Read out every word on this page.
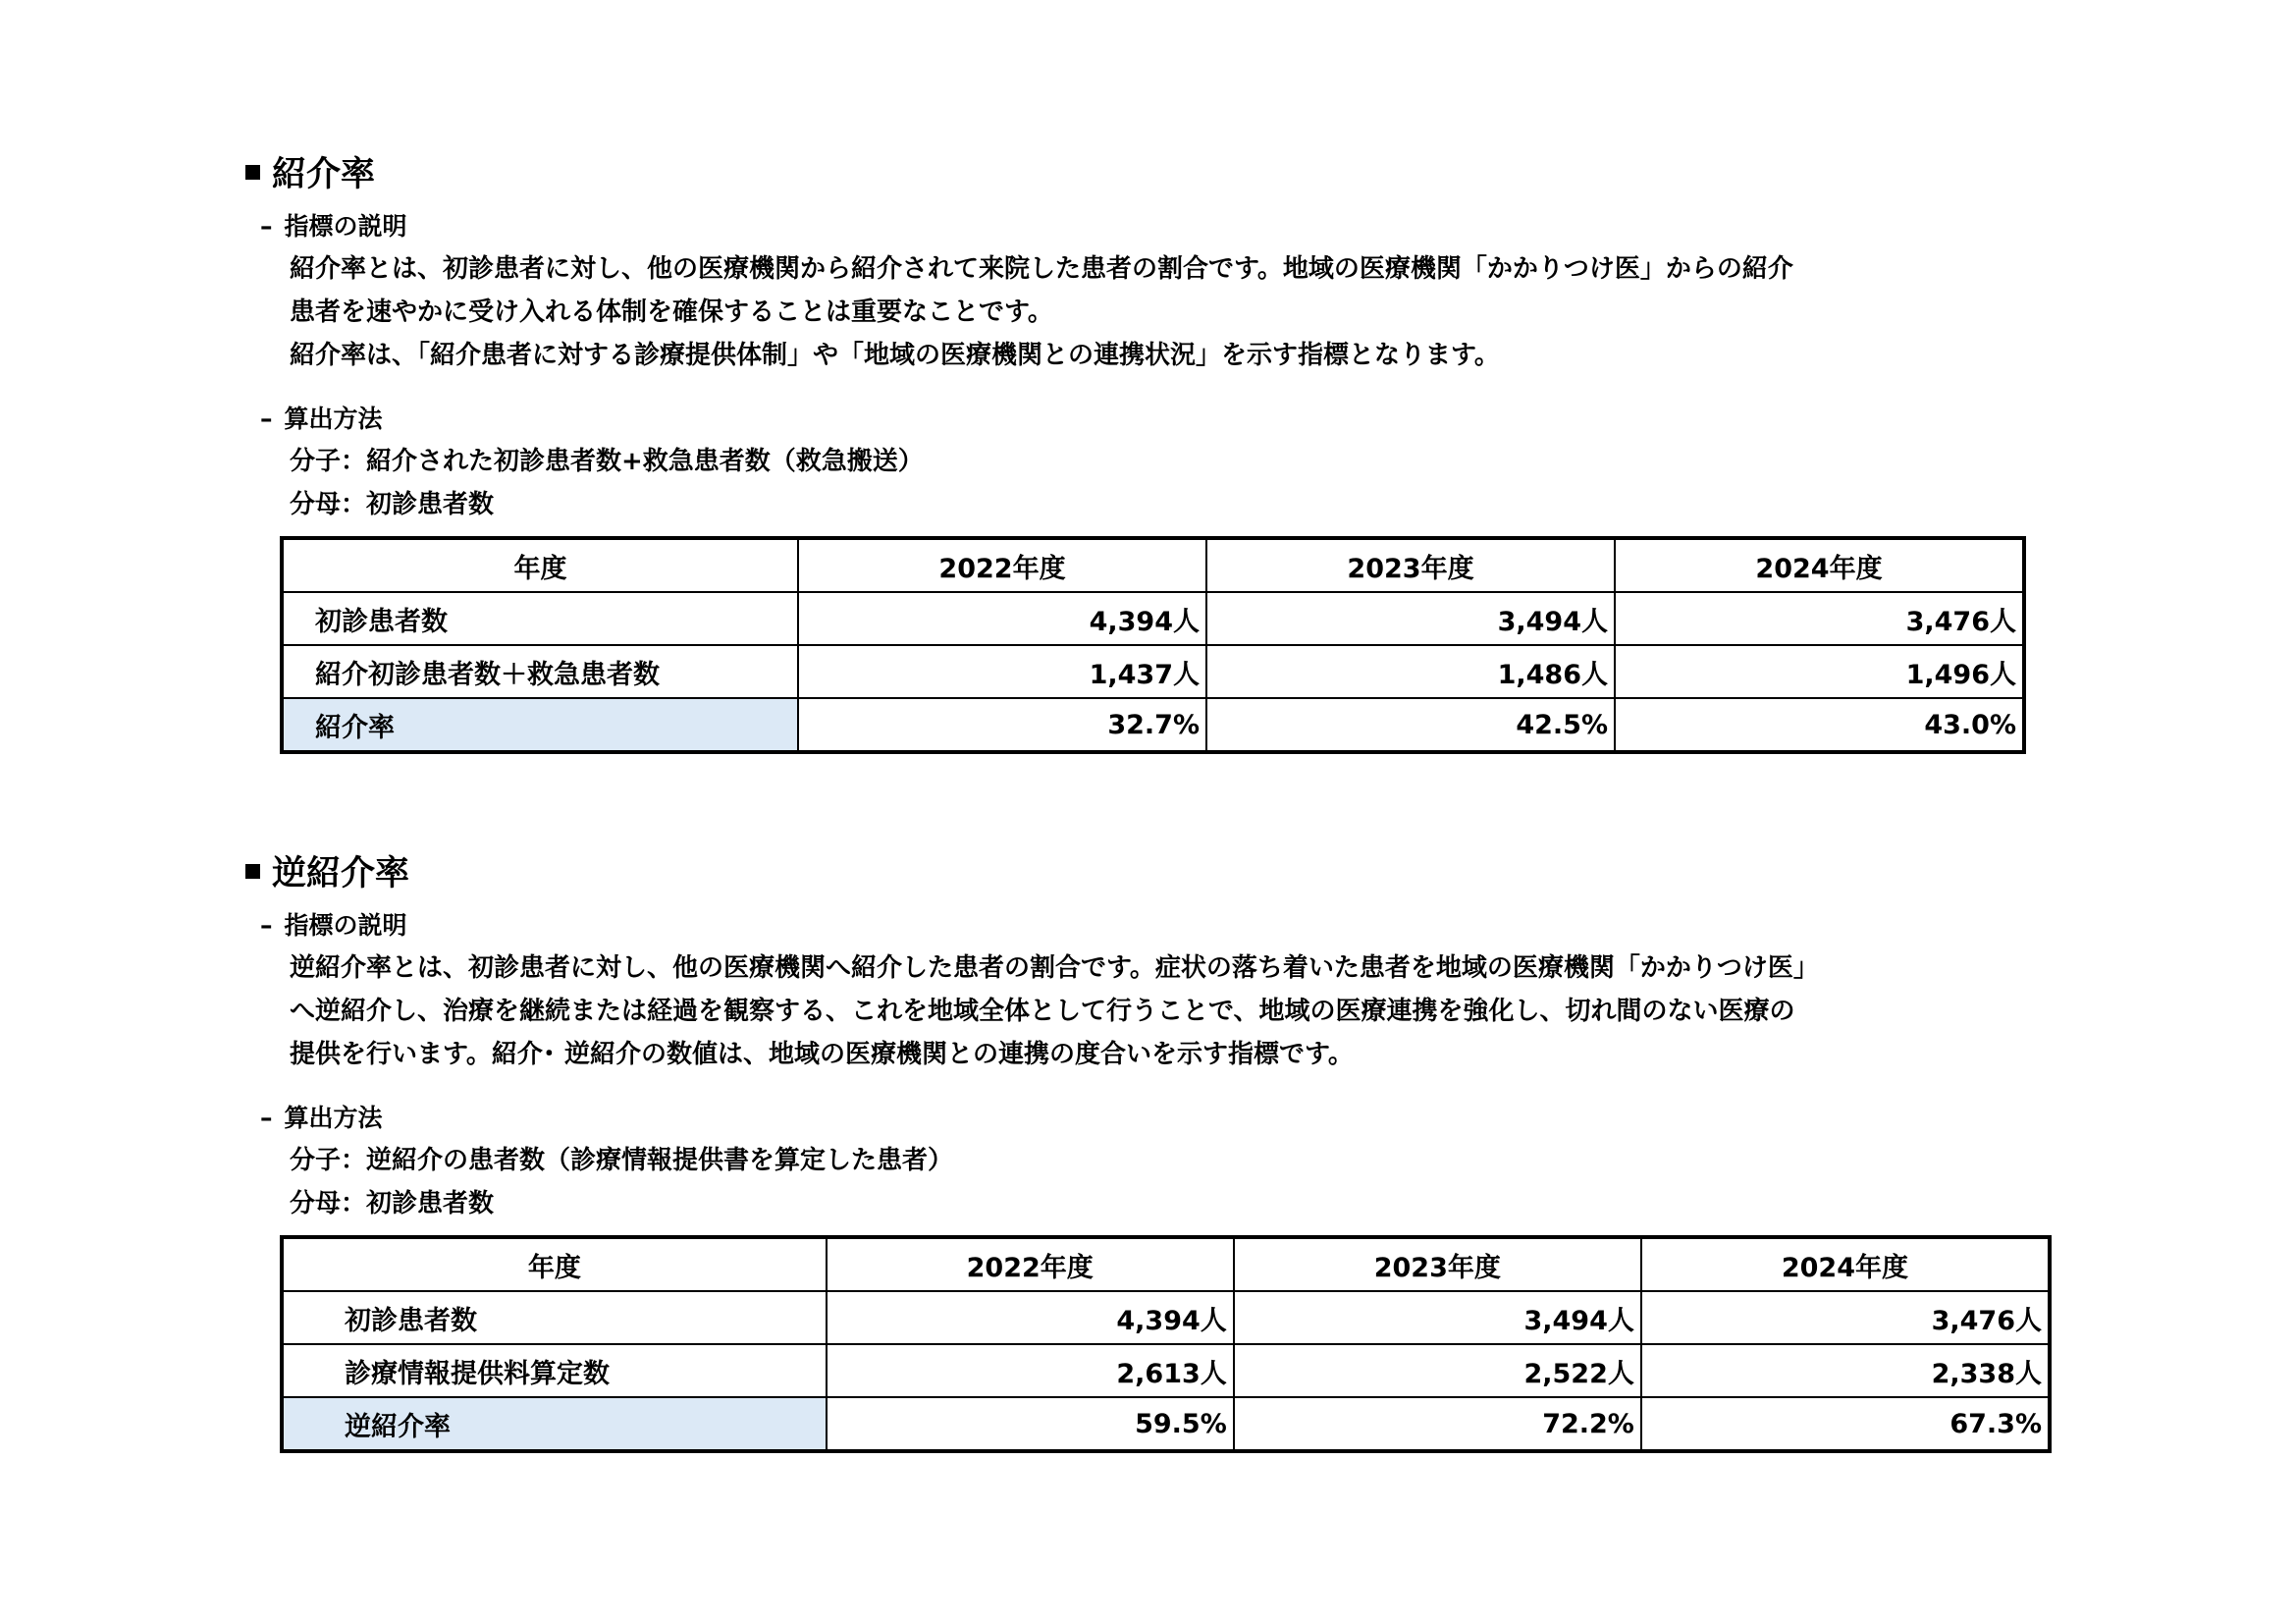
紹介率
– 指標の説明
紹介率とは、初診患者に対し、他の医療機関から紹介されて来院した患者の割合です。地域の医療機関「かかりつけ医」からの紹介
患者を速やかに受け入れる体制を確保することは重要なことです。
紹介率は、「紹介患者に対する診療提供体制」や「地域の医療機関との連携状況」を示す指標となります。
– 算出方法
分子：紹介された初診患者数+救急患者数（救急搬送）
分母：初診患者数
年度	2022年度	2023年度	2024年度
初診患者数	4,394人	3,494人	3,476人
紹介初診患者数＋救急患者数	1,437人	1,486人	1,496人
紹介率	32.7%	42.5%	43.0%
逆紹介率
– 指標の説明
逆紹介率とは、初診患者に対し、他の医療機関へ紹介した患者の割合です。症状の落ち着いた患者を地域の医療機関「かかりつけ医」
へ逆紹介し、治療を継続または経過を観察する、これを地域全体として行うことで、地域の医療連携を強化し、切れ間のない医療の
提供を行います。紹介･ 逆紹介の数値は、地域の医療機関との連携の度合いを示す指標です。
– 算出方法
分子：逆紹介の患者数（診療情報提供書を算定した患者）
分母：初診患者数
年度	2022年度	2023年度	2024年度
初診患者数	4,394人	3,494人	3,476人
診療情報提供料算定数	2,613人	2,522人	2,338人
逆紹介率	59.5%	72.2%	67.3%
